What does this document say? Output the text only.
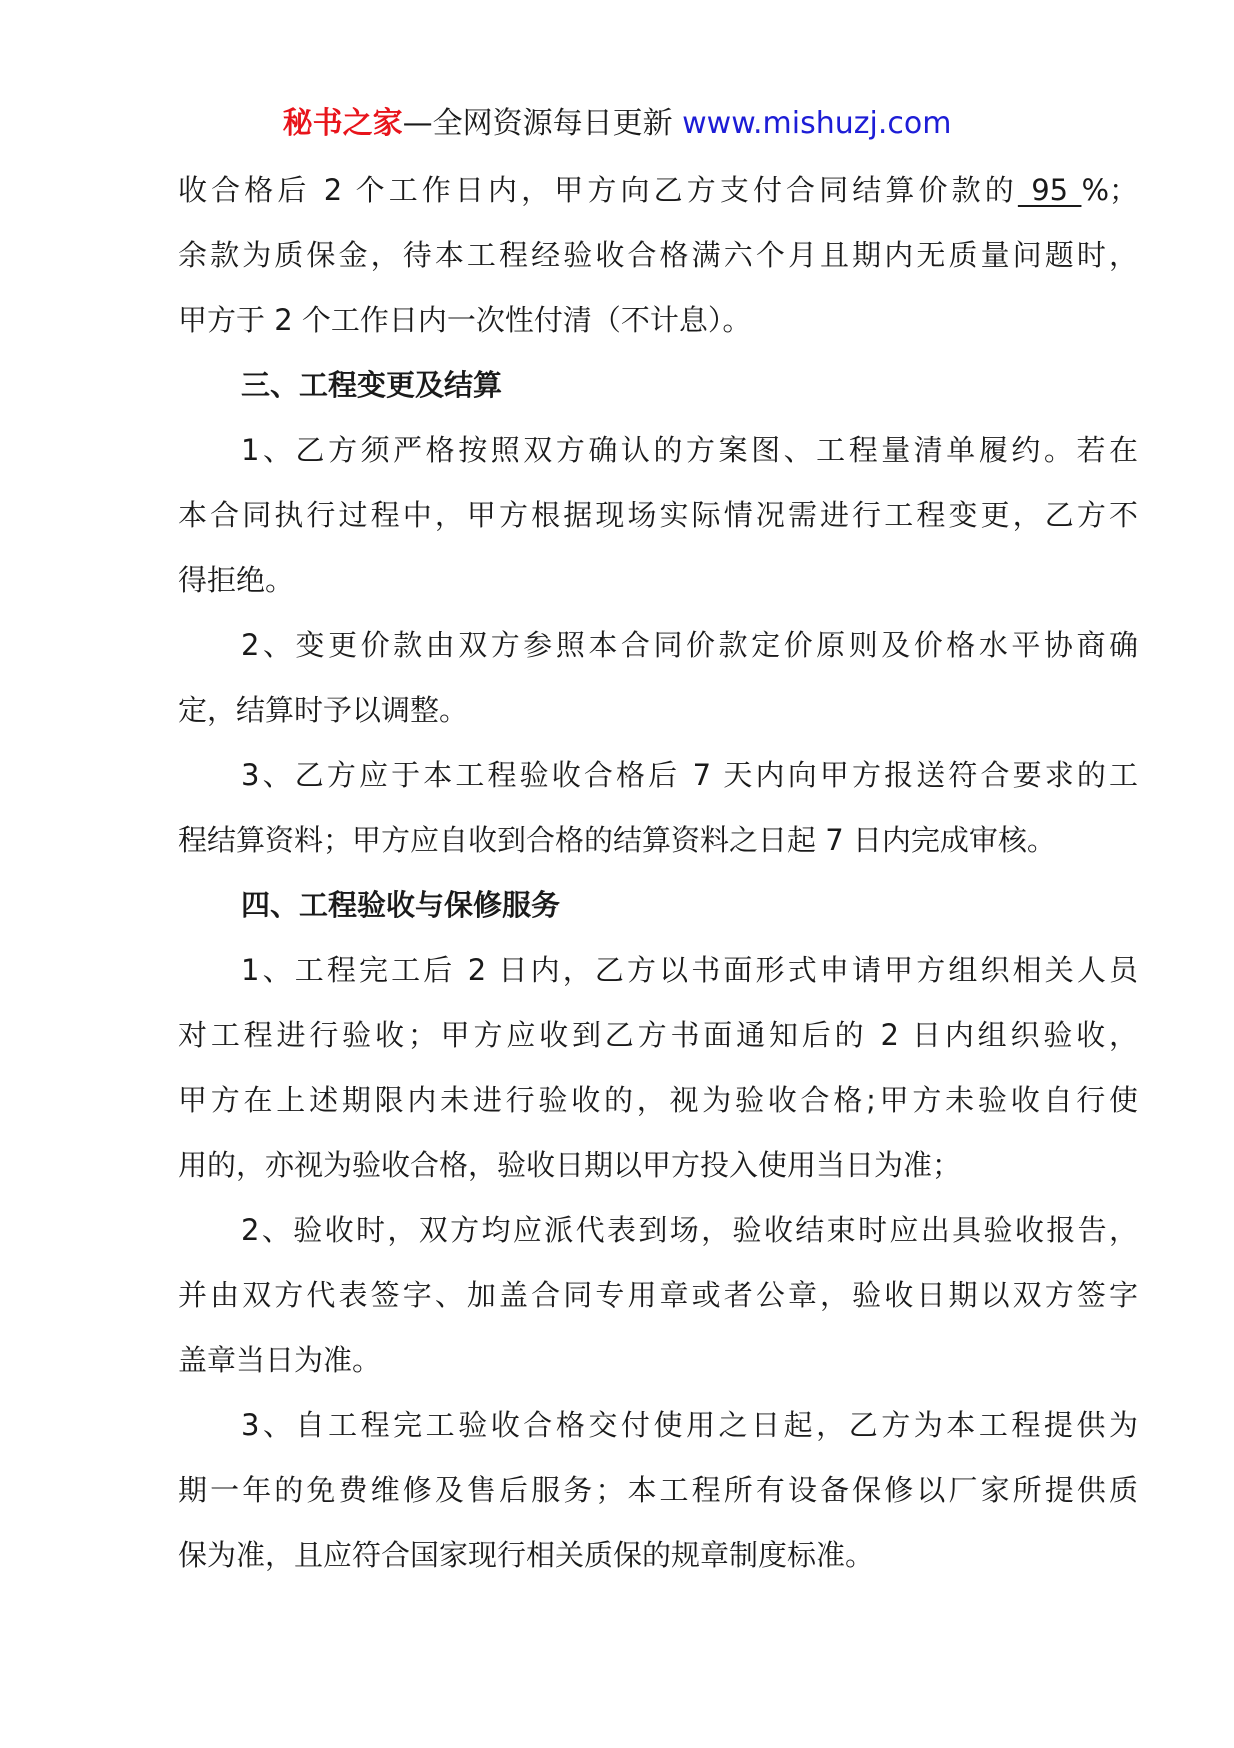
秘书之家—全网资源每日更新 www.mishuzj.com
收合格后 2 个工作日内，甲方向乙方支付合同结算价款的 95 %；
余款为质保金，待本工程经验收合格满六个月且期内无质量问题时，
甲方于 2 个工作日内一次性付清（不计息）。
三、工程变更及结算
1、乙方须严格按照双方确认的方案图、工程量清单履约。若在
本合同执行过程中，甲方根据现场实际情况需进行工程变更，乙方不
得拒绝。
2、变更价款由双方参照本合同价款定价原则及价格水平协商确
定，结算时予以调整。
3、乙方应于本工程验收合格后 7 天内向甲方报送符合要求的工
程结算资料；甲方应自收到合格的结算资料之日起 7 日内完成审核。
四、工程验收与保修服务
1、工程完工后 2 日内，乙方以书面形式申请甲方组织相关人员
对工程进行验收；甲方应收到乙方书面通知后的 2 日内组织验收，
甲方在上述期限内未进行验收的，视为验收合格;甲方未验收自行使
用的，亦视为验收合格，验收日期以甲方投入使用当日为准；
2、验收时，双方均应派代表到场，验收结束时应出具验收报告，
并由双方代表签字、加盖合同专用章或者公章，验收日期以双方签字
盖章当日为准。
3、自工程完工验收合格交付使用之日起，乙方为本工程提供为
期一年的免费维修及售后服务；本工程所有设备保修以厂家所提供质
保为准，且应符合国家现行相关质保的规章制度标准。
